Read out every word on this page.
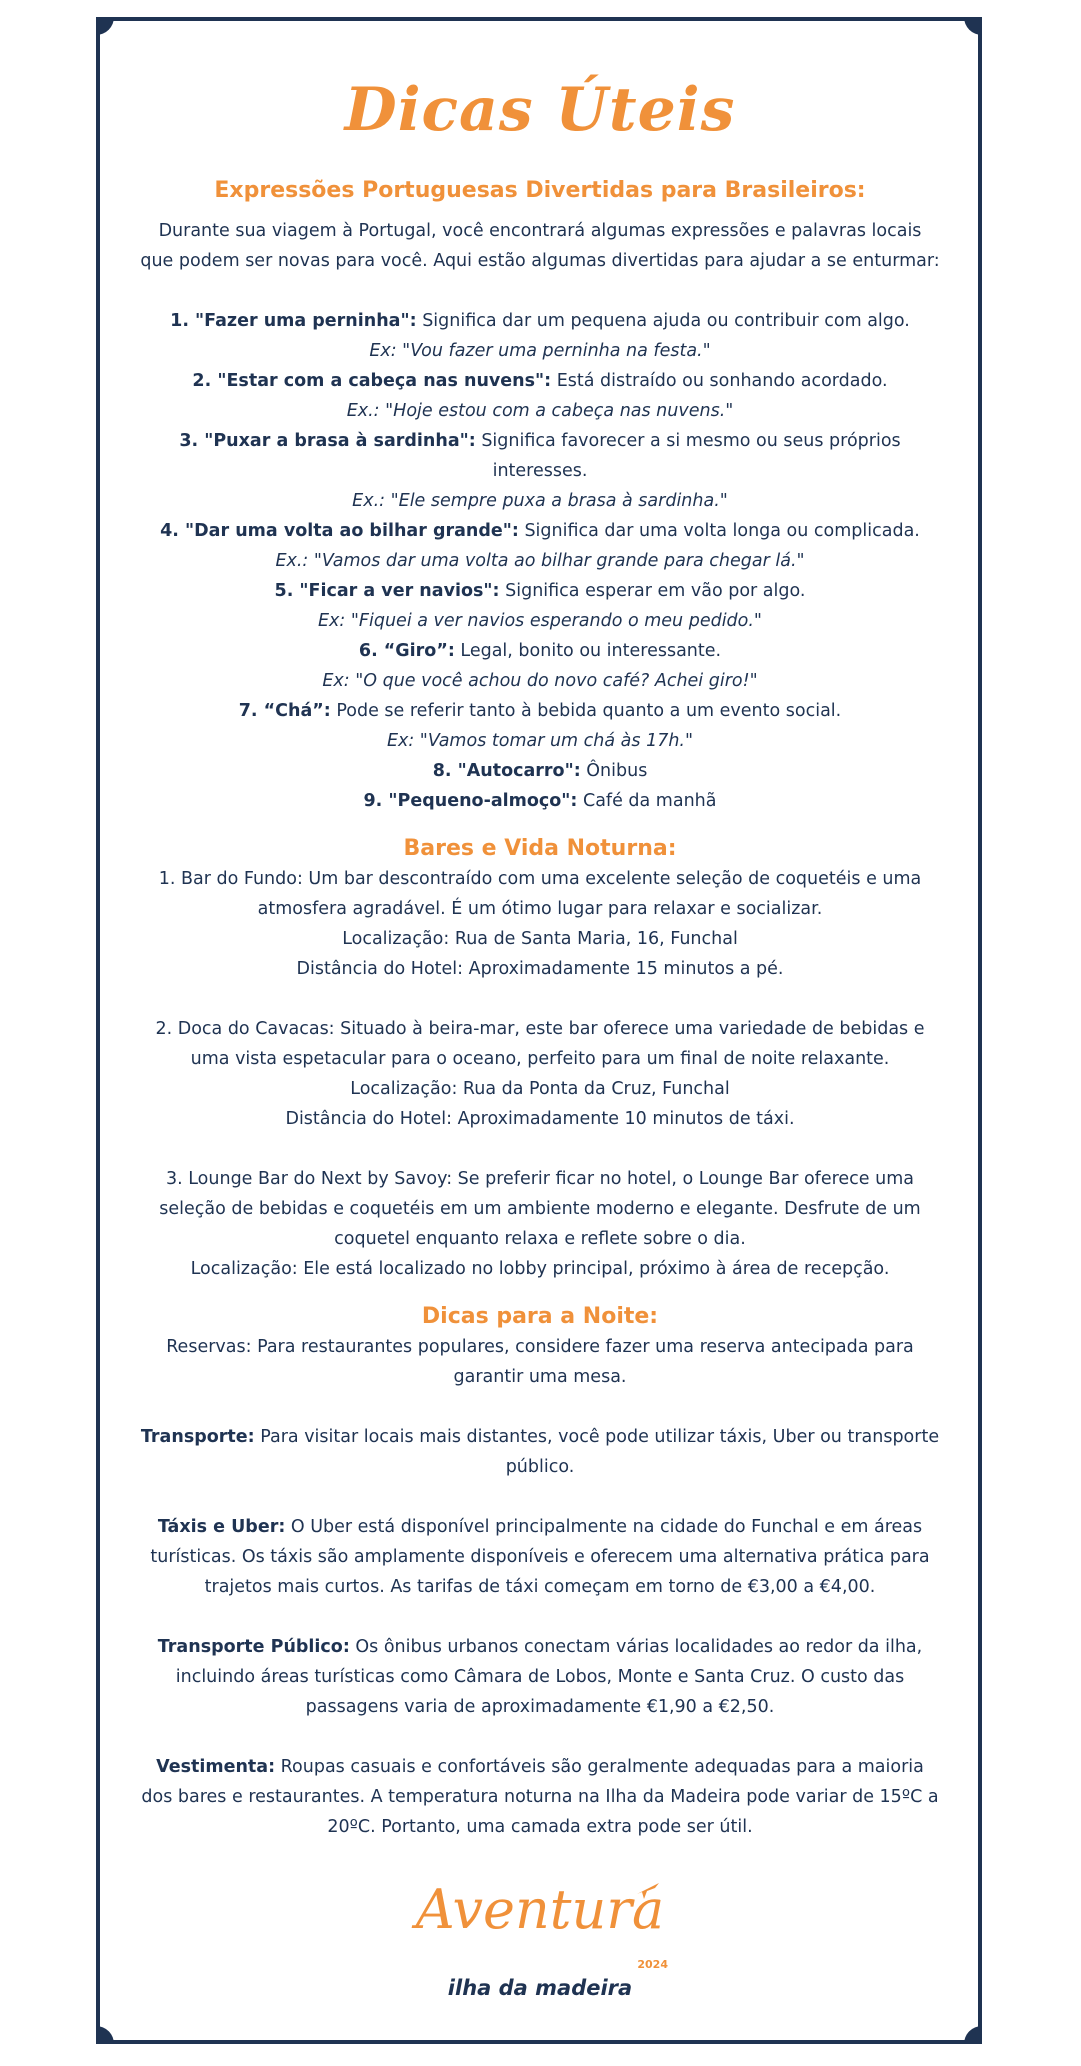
Dicas Úteis
Expressões Portuguesas Divertidas para Brasileiros:

Durante sua viagem à Portugal, você encontrará algumas expressões e palavras locais que podem ser novas para você. Aqui estão algumas divertidas para ajudar a se enturmar:

1. "Fazer uma perninha": Significa dar um pequena ajuda ou contribuir com algo.

Ex: "Vou fazer uma perninha na festa."

2. "Estar com a cabeça nas nuvens": Está distraído ou sonhando acordado.

Ex.: "Hoje estou com a cabeça nas nuvens."

3. "Puxar a brasa à sardinha": Significa favorecer a si mesmo ou seus próprios interesses.

Ex.: "Ele sempre puxa a brasa à sardinha."

4. "Dar uma volta ao bilhar grande": Significa dar uma volta longa ou complicada.

Ex.: "Vamos dar uma volta ao bilhar grande para chegar lá."

5. "Ficar a ver navios": Significa esperar em vão por algo.

Ex: "Fiquei a ver navios esperando o meu pedido."

6. “Giro”: Legal, bonito ou interessante.

Ex: "O que você achou do novo café? Achei giro!"

7. “Chá”: Pode se referir tanto à bebida quanto a um evento social.

Ex: "Vamos tomar um chá às 17h."

8. "Autocarro": Ônibus

9. "Pequeno-almoço": Café da manhã

Bares e Vida Noturna:

1. Bar do Fundo: Um bar descontraído com uma excelente seleção de coquetéis e uma atmosfera agradável. É um ótimo lugar para relaxar e socializar.

Localização: Rua de Santa Maria, 16, Funchal

Distância do Hotel: Aproximadamente 15 minutos a pé.

2. Doca do Cavacas: Situado à beira-mar, este bar oferece uma variedade de bebidas e uma vista espetacular para o oceano, perfeito para um final de noite relaxante.

Localização: Rua da Ponta da Cruz, Funchal

Distância do Hotel: Aproximadamente 10 minutos de táxi.

3. Lounge Bar do Next by Savoy: Se preferir ficar no hotel, o Lounge Bar oferece uma seleção de bebidas e coquetéis em um ambiente moderno e elegante. Desfrute de um coquetel enquanto relaxa e reflete sobre o dia.

Localização: Ele está localizado no lobby principal, próximo à área de recepção.

Dicas para a Noite:

Reservas: Para restaurantes populares, considere fazer uma reserva antecipada para garantir uma mesa.

Transporte: Para visitar locais mais distantes, você pode utilizar táxis, Uber ou transporte público.

Táxis e Uber: O Uber está disponível principalmente na cidade do Funchal e em áreas turísticas. Os táxis são amplamente disponíveis e oferecem uma alternativa prática para trajetos mais curtos. As tarifas de táxi começam em torno de €3,00 a €4,00.

Transporte Público: Os ônibus urbanos conectam várias localidades ao redor da ilha, incluindo áreas turísticas como Câmara de Lobos, Monte e Santa Cruz. O custo das passagens varia de aproximadamente €1,90 a €2,50.

Vestimenta: Roupas casuais e confortáveis são geralmente adequadas para a maioria dos bares e restaurantes. A temperatura noturna na Ilha da Madeira pode variar de 15ºC a 20ºC. Portanto, uma camada extra pode ser útil.

Aventura
2024
ilha da madeira
